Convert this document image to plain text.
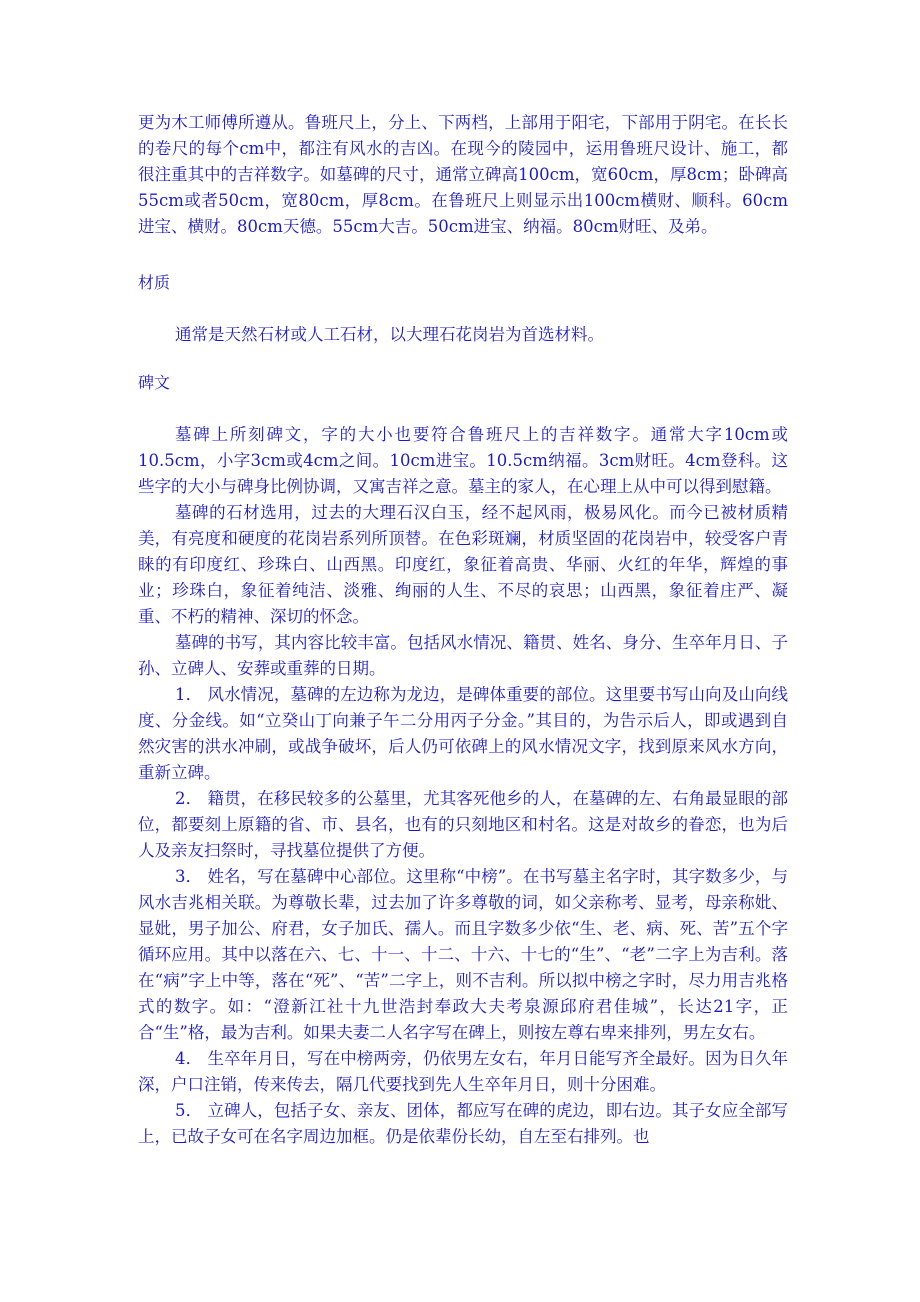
更为木工师傅所遵从。鲁班尺上，分上、下两档，上部用于阳宅，下部用于阴宅。在长长的卷尺的每个cm中，都注有风水的吉凶。在现今的陵园中，运用鲁班尺设计、施工，都很注重其中的吉祥数字。如墓碑的尺寸，通常立碑高100cm，宽60cm，厚8cm；卧碑高55cm或者50cm，宽80cm，厚8cm。在鲁班尺上则显示出100cm横财、顺科。60cm进宝、横财。80cm天德。55cm大吉。50cm进宝、纳福。80cm财旺、及弟。

材质

通常是天然石材或人工石材，以大理石花岗岩为首选材料。

碑文

墓碑上所刻碑文，字的大小也要符合鲁班尺上的吉祥数字。通常大字10cm或10.5cm，小字3cm或4cm之间。10cm进宝。10.5cm纳福。3cm财旺。4cm登科。这些字的大小与碑身比例协调，又寓吉祥之意。墓主的家人，在心理上从中可以得到慰籍。

墓碑的石材选用，过去的大理石汉白玉，经不起风雨，极易风化。而今已被材质精美，有亮度和硬度的花岗岩系列所顶替。在色彩斑斓，材质坚固的花岗岩中，较受客户青睐的有印度红、珍珠白、山西黑。印度红，象征着高贵、华丽、火红的年华，辉煌的事业；珍珠白，象征着纯洁、淡雅、绚丽的人生、不尽的哀思；山西黑，象征着庄严、凝重、不朽的精神、深切的怀念。

墓碑的书写，其内容比较丰富。包括风水情况、籍贯、姓名、身分、生卒年月日、子孙、立碑人、安葬或重葬的日期。

1． 风水情况，墓碑的左边称为龙边，是碑体重要的部位。这里要书写山向及山向线度、分金线。如“立癸山丁向兼子午二分用丙子分金。”其目的，为告示后人，即或遇到自然灾害的洪水冲刷，或战争破坏，后人仍可依碑上的风水情况文字，找到原来风水方向，重新立碑。

2． 籍贯，在移民较多的公墓里，尤其客死他乡的人，在墓碑的左、右角最显眼的部位，都要刻上原籍的省、市、县名，也有的只刻地区和村名。这是对故乡的眷恋，也为后人及亲友扫祭时，寻找墓位提供了方便。

3． 姓名，写在墓碑中心部位。这里称“中榜”。在书写墓主名字时，其字数多少，与风水吉兆相关联。为尊敬长辈，过去加了许多尊敬的词，如父亲称考、显考，母亲称妣、显妣，男子加公、府君，女子加氏、孺人。而且字数多少依“生、老、病、死、苦”五个字循环应用。其中以落在六、七、十一、十二、十六、十七的“生”、“老”二字上为吉利。落在“病”字上中等，落在“死”、“苦”二字上，则不吉利。所以拟中榜之字时，尽力用吉兆格式的数字。如：“澄新江社十九世浩封奉政大夫考泉源邱府君佳城”，长达21字，正合“生”格，最为吉利。如果夫妻二人名字写在碑上，则按左尊右卑来排列，男左女右。

4． 生卒年月日，写在中榜两旁，仍依男左女右，年月日能写齐全最好。因为日久年深，户口注销，传来传去，隔几代要找到先人生卒年月日，则十分困难。

5． 立碑人，包括子女、亲友、团体，都应写在碑的虎边，即右边。其子女应全部写上，已故子女可在名字周边加框。仍是依辈份长幼，自左至右排列。也
